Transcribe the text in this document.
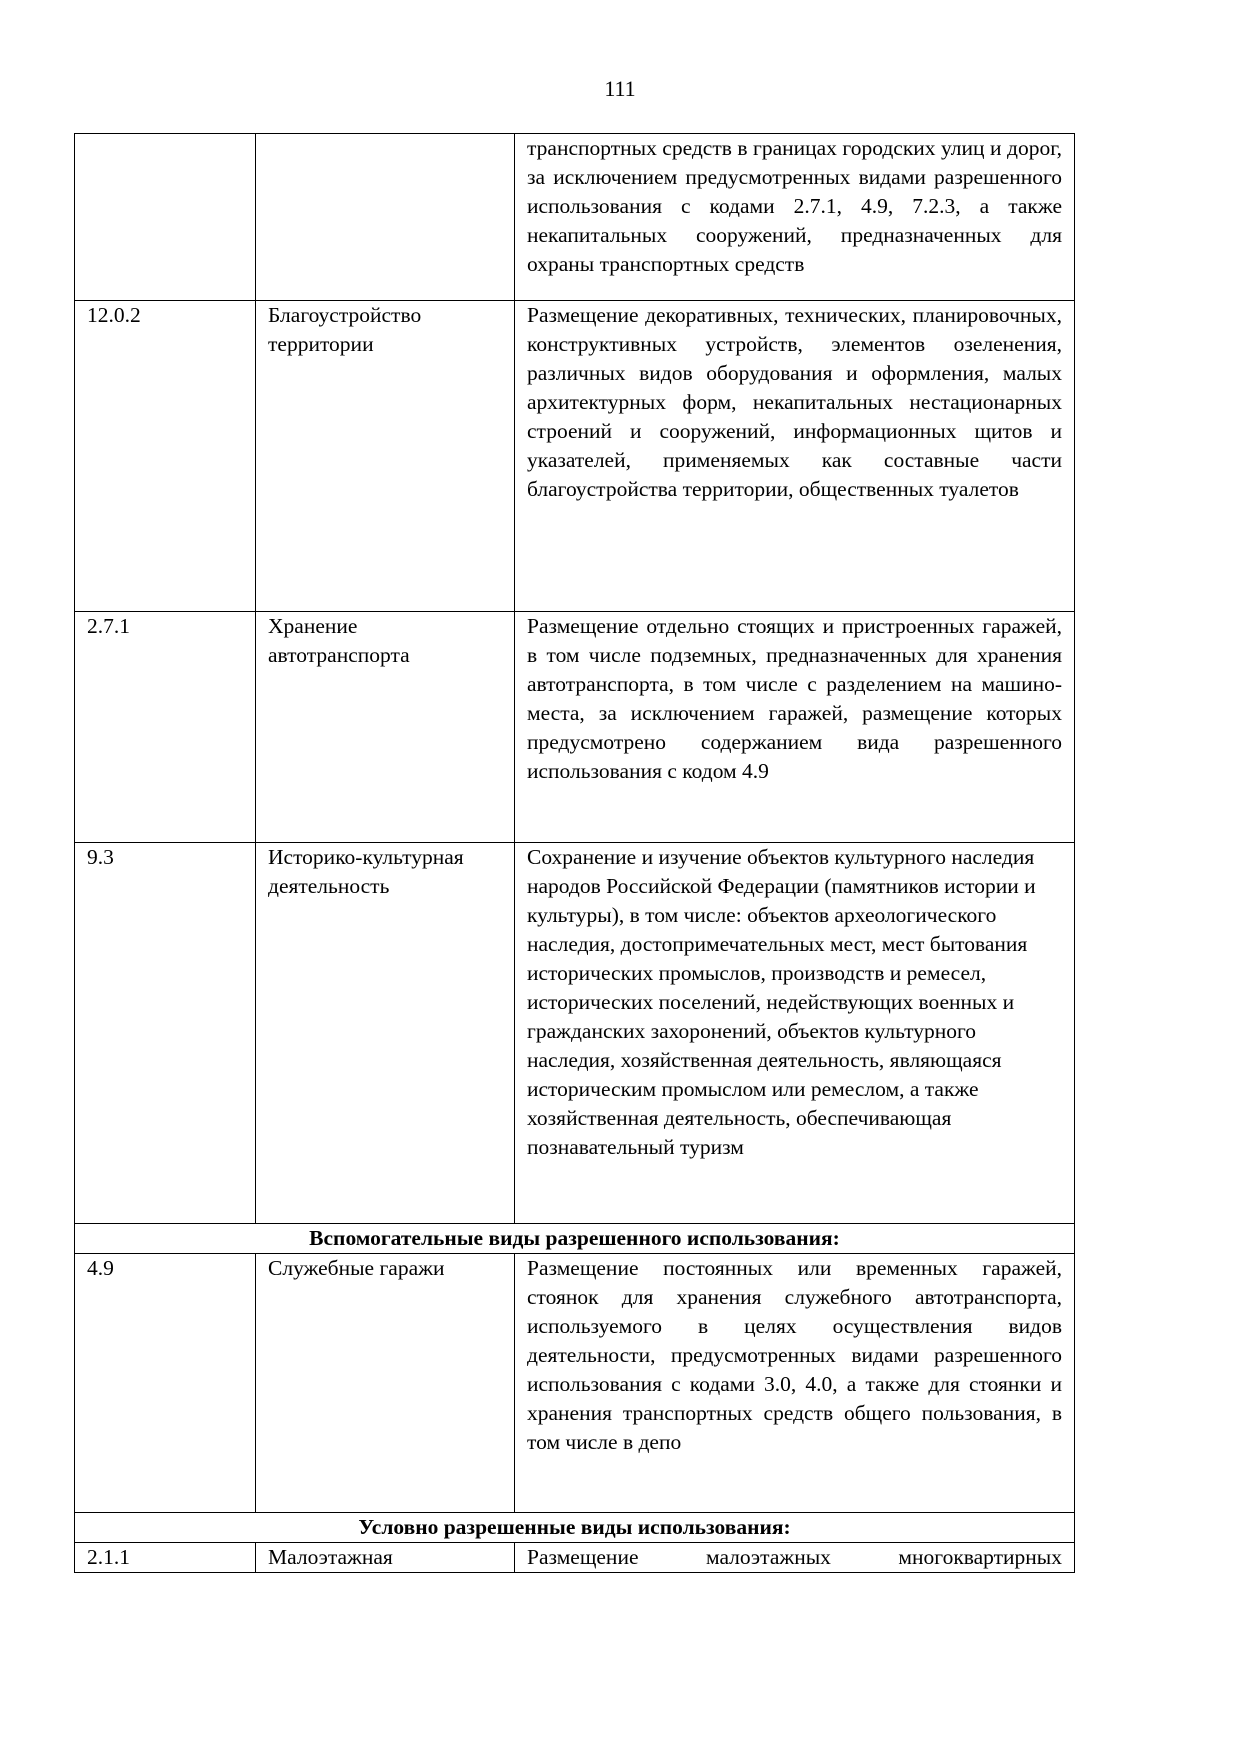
111
		транспортных средств в границах городских улиц и дорог, за исключением предусмотренных видами разрешенного использования с кодами 2.7.1, 4.9, 7.2.3, а также некапитальных сооружений, предназначенных для охраны транспортных средств
12.0.2	Благоустройство территории	Размещение декоративных, технических, планировочных, конструктивных устройств, элементов озеленения, различных видов оборудования и оформления, малых архитектурных форм, некапитальных нестационарных строений и сооружений, информационных щитов и указателей, применяемых как составные части благоустройства территории, общественных туалетов
2.7.1	Хранение автотранспорта	Размещение отдельно стоящих и пристроенных гаражей, в том числе подземных, предназначенных для хранения автотранспорта, в том числе с разделением на машино-места, за исключением гаражей, размещение которых предусмотрено содержанием вида разрешенного использования с кодом 4.9
9.3	Историко-культурная деятельность	Сохранение и изучение объектов культурного наследия народов Российской Федерации (памятников истории и культуры), в том числе: объектов археологического наследия, достопримечательных мест, мест бытования исторических промыслов, производств и ремесел, исторических поселений, недействующих военных и гражданских захоронений, объектов культурного наследия, хозяйственная деятельность, являющаяся историческим промыслом или ремеслом, а также хозяйственная деятельность, обеспечивающая познавательный туризм
Вспомогательные виды разрешенного использования:		
4.9	Служебные гаражи	Размещение постоянных или временных гаражей, стоянок для хранения служебного автотранспорта, используемого в целях осуществления видов деятельности, предусмотренных видами разрешенного использования с кодами 3.0, 4.0, а также для стоянки и хранения транспортных средств общего пользования, в том числе в депо
Условно разрешенные виды использования:		
2.1.1	Малоэтажная	Размещение малоэтажных многоквартирных
